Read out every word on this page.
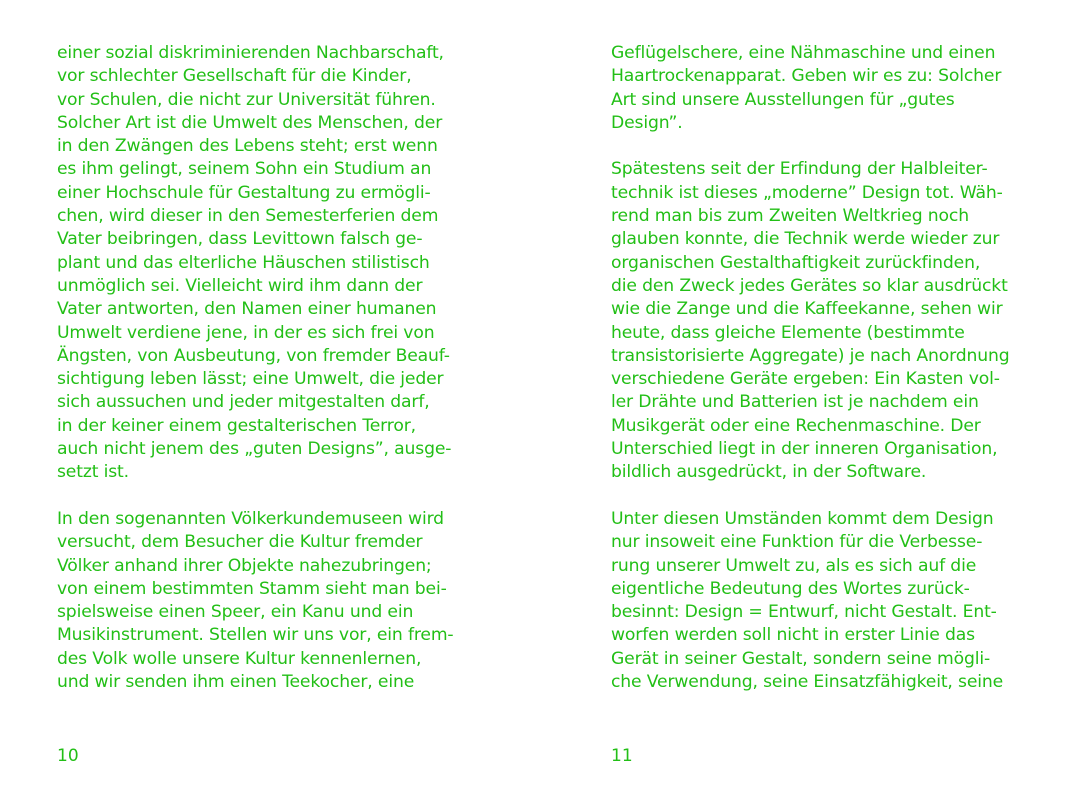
einer sozial diskriminierenden Nachbarschaft,
vor schlechter Gesellschaft für die Kinder,
vor Schulen, die nicht zur Universität führen.
Solcher Art ist die Umwelt des Menschen, der
in den Zwängen des Lebens steht; erst wenn
es ihm gelingt, seinem Sohn ein Studium an
einer Hochschule für Gestaltung zu ermögli-
chen, wird dieser in den Semesterferien dem
Vater beibringen, dass Levittown falsch ge-
plant und das elterliche Häuschen stilistisch
unmöglich sei. Vielleicht wird ihm dann der
Vater antworten, den Namen einer humanen
Umwelt verdiene jene, in der es sich frei von
Ängsten, von Ausbeutung, von fremder Beauf-
sichtigung leben lässt; eine Umwelt, die jeder
sich aussuchen und jeder mitgestalten darf,
in der keiner einem gestalterischen Terror,
auch nicht jenem des „guten Designs”, ausge-
setzt ist.

In den sogenannten Völkerkundemuseen wird
versucht, dem Besucher die Kultur fremder
Völker anhand ihrer Objekte nahezubringen;
von einem bestimmten Stamm sieht man bei-
spielsweise einen Speer, ein Kanu und ein
Musikinstrument. Stellen wir uns vor, ein frem-
des Volk wolle unsere Kultur kennenlernen,
und wir senden ihm einen Teekocher, eine

10

Geflügelschere, eine Nähmaschine und einen
Haartrockenapparat. Geben wir es zu: Solcher
Art sind unsere Ausstellungen für „gutes
Design”.

Spätestens seit der Erfindung der Halbleiter-
technik ist dieses „moderne” Design tot. Wäh-
rend man bis zum Zweiten Weltkrieg noch
glauben konnte, die Technik werde wieder zur
organischen Gestalthaftigkeit zurückfinden,
die den Zweck jedes Gerätes so klar ausdrückt
wie die Zange und die Kaffeekanne, sehen wir
heute, dass gleiche Elemente (bestimmte
transistorisierte Aggregate) je nach Anordnung
verschiedene Geräte ergeben: Ein Kasten vol-
ler Drähte und Batterien ist je nachdem ein
Musikgerät oder eine Rechenmaschine. Der
Unterschied liegt in der inneren Organisation,
bildlich ausgedrückt, in der Software.

Unter diesen Umständen kommt dem Design
nur insoweit eine Funktion für die Verbesse-
rung unserer Umwelt zu, als es sich auf die
eigentliche Bedeutung des Wortes zurück-
besinnt: Design = Entwurf, nicht Gestalt. Ent-
worfen werden soll nicht in erster Linie das
Gerät in seiner Gestalt, sondern seine mögli-
che Verwendung, seine Einsatzfähigkeit, seine

11
